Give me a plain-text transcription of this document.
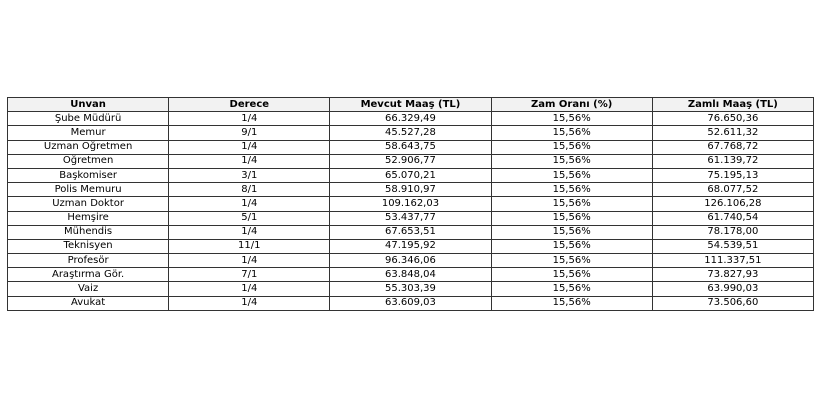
Unvan	Derece	Mevcut Maaş (TL)	Zam Oranı (%)	Zamlı Maaş (TL)
Şube Müdürü	1/4	66.329,49	15,56%	76.650,36
Memur	9/1	45.527,28	15,56%	52.611,32
Uzman Öğretmen	1/4	58.643,75	15,56%	67.768,72
Öğretmen	1/4	52.906,77	15,56%	61.139,72
Başkomiser	3/1	65.070,21	15,56%	75.195,13
Polis Memuru	8/1	58.910,97	15,56%	68.077,52
Uzman Doktor	1/4	109.162,03	15,56%	126.106,28
Hemşire	5/1	53.437,77	15,56%	61.740,54
Mühendis	1/4	67.653,51	15,56%	78.178,00
Teknisyen	11/1	47.195,92	15,56%	54.539,51
Profesör	1/4	96.346,06	15,56%	111.337,51
Araştırma Gör.	7/1	63.848,04	15,56%	73.827,93
Vaiz	1/4	55.303,39	15,56%	63.990,03
Avukat	1/4	63.609,03	15,56%	73.506,60
